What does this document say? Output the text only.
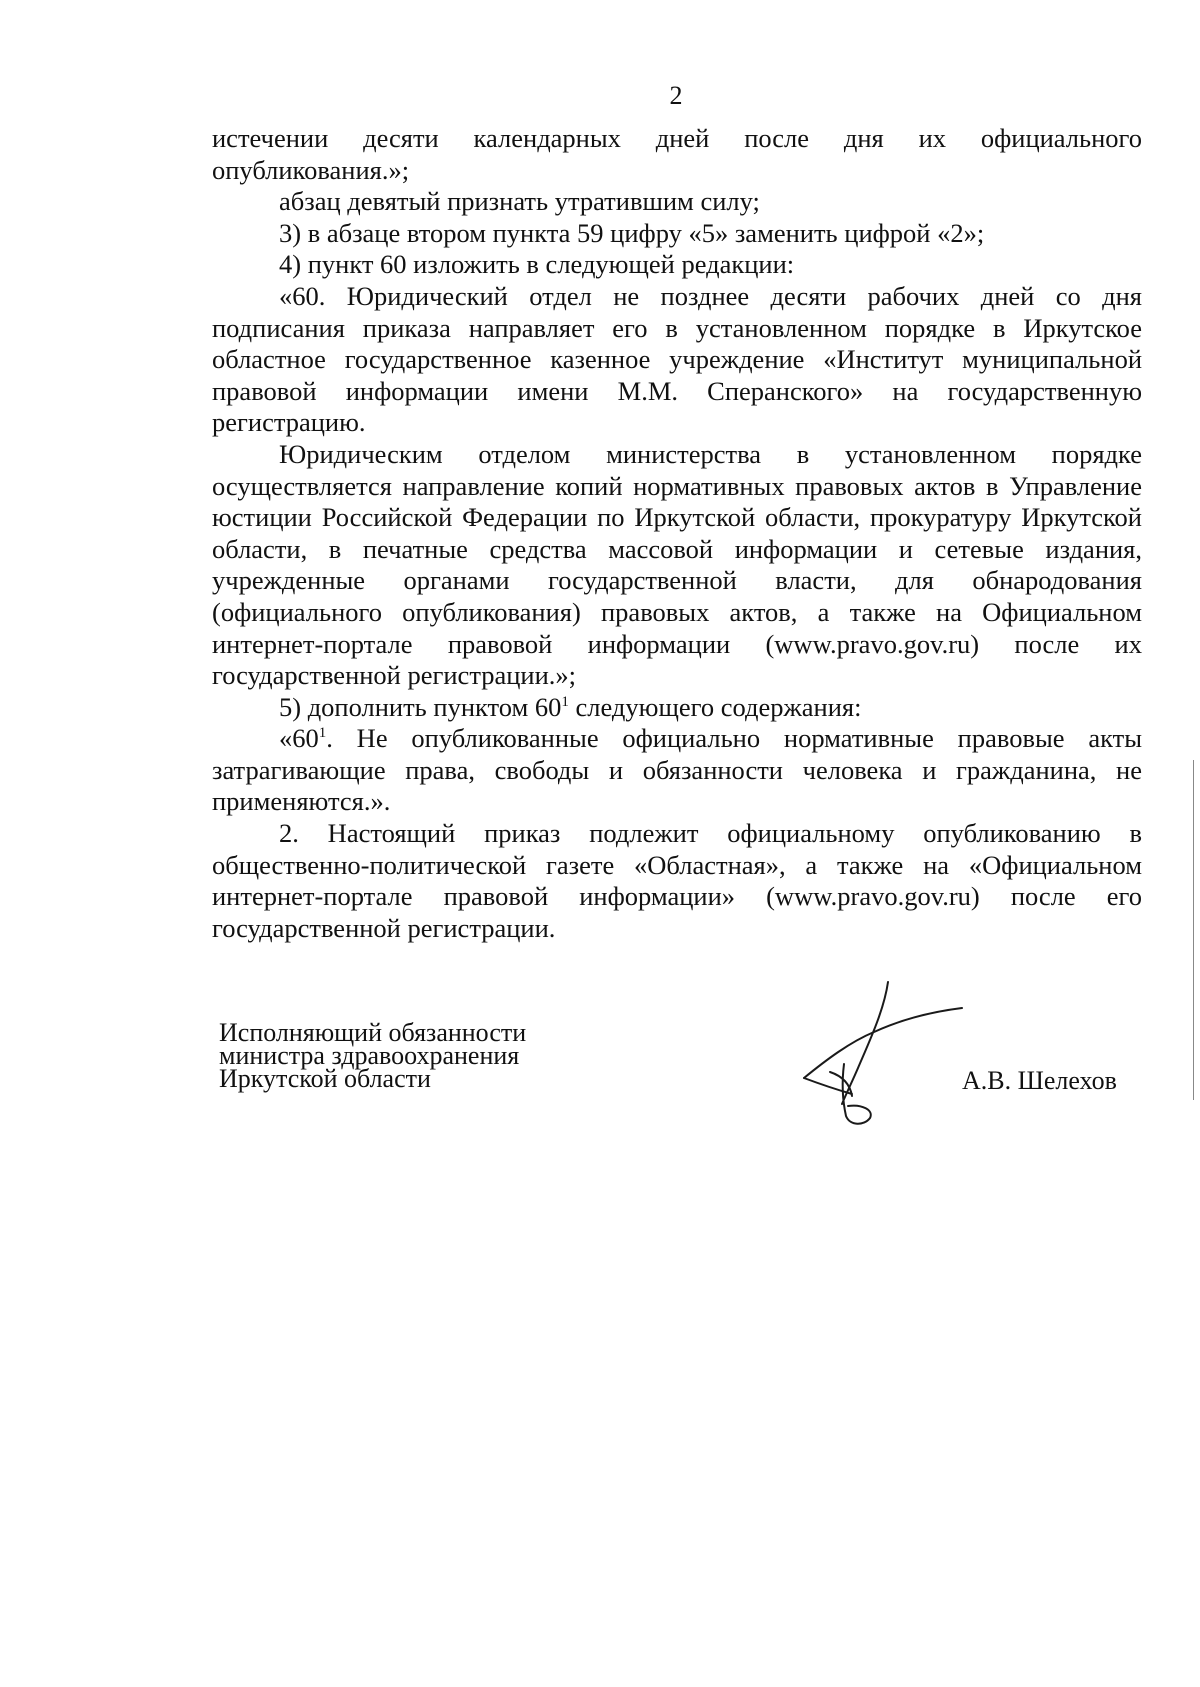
2

истечении десяти календарных дней после дня их официального опубликования.»;

абзац девятый признать утратившим силу;

3) в абзаце втором пункта 59 цифру «5» заменить цифрой «2»;

4) пункт 60 изложить в следующей редакции:

«60. Юридический отдел не позднее десяти рабочих дней со дня подписания приказа направляет его в установленном порядке в Иркутское областное государственное казенное учреждение «Институт муниципальной правовой информации имени М.М. Сперанского» на государственную регистрацию.

Юридическим отделом министерства в установленном порядке осуществляется направление копий нормативных правовых актов в Управление юстиции Российской Федерации по Иркутской области, прокуратуру Иркутской области, в печатные средства массовой информации и сетевые издания, учрежденные органами государственной власти, для обнародования (официального опубликования) правовых актов, а также на Официальном интернет-портале правовой информации (www.pravo.gov.ru) после их государственной регистрации.»;

5) дополнить пунктом $60^1$ следующего содержания:

«$60^1$. Не опубликованные официально нормативные правовые акты затрагивающие права, свободы и обязанности человека и гражданина, не применяются.».

2. Настоящий приказ подлежит официальному опубликованию в общественно-политической газете «Областная», а также на «Официальном интернет-портале правовой информации» (www.pravo.gov.ru) после его государственной регистрации.

Исполняющий обязанности
министра здравоохранения
Иркутской области	А.В. Шелехов
